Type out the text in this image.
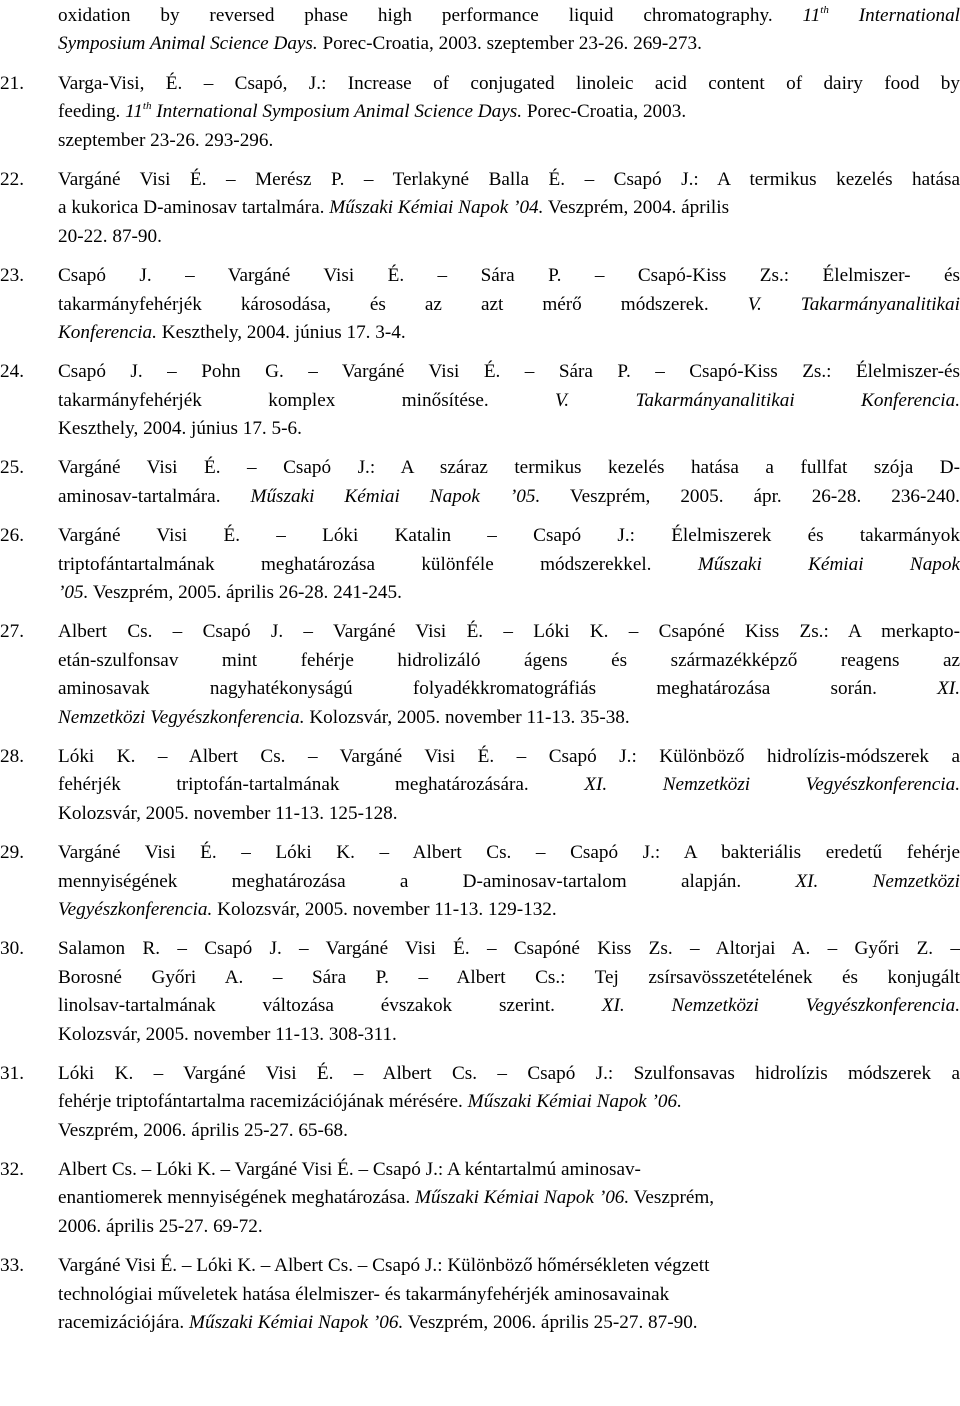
oxidation by reversed phase high performance liquid chromatography. 11th International
Symposium Animal Science Days. Porec-Croatia, 2003. szeptember 23-26. 269-273.
21. Varga-Visi, É. – Csapó, J.: Increase of conjugated linoleic acid content of dairy food by
feeding. 11th International Symposium Animal Science Days. Porec-Croatia, 2003.
szeptember 23-26. 293-296.
22. Vargáné Visi É. – Merész P. – Terlakyné Balla É. – Csapó J.: A termikus kezelés hatása
a kukorica D-aminosav tartalmára. Műszaki Kémiai Napok ’04. Veszprém, 2004. április
20-22. 87-90.
23. Csapó J. – Vargáné Visi É. – Sára P. – Csapó-Kiss Zs.: Élelmiszer- és
takarmányfehérjék károsodása, és az azt mérő módszerek. V. Takarmányanalitikai
Konferencia. Keszthely, 2004. június 17. 3-4.
24. Csapó J. – Pohn G. – Vargáné Visi É. – Sára P. – Csapó-Kiss Zs.: Élelmiszer-és
takarmányfehérjék komplex minősítése. V. Takarmányanalitikai Konferencia.
Keszthely, 2004. június 17. 5-6.
25. Vargáné Visi É. – Csapó J.: A száraz termikus kezelés hatása a fullfat szója D-
aminosav-tartalmára. Műszaki Kémiai Napok ’05. Veszprém, 2005. ápr. 26-28. 236-240.
26. Vargáné Visi É. – Lóki Katalin – Csapó J.: Élelmiszerek és takarmányok
triptofántartalmának meghatározása különféle módszerekkel. Műszaki Kémiai Napok
’05. Veszprém, 2005. április 26-28. 241-245.
27. Albert Cs. – Csapó J. – Vargáné Visi É. – Lóki K. – Csapóné Kiss Zs.: A merkapto-
etán-szulfonsav mint fehérje hidrolizáló ágens és származékképző reagens az
aminosavak nagyhatékonyságú folyadékkromatográfiás meghatározása során. XI.
Nemzetközi Vegyészkonferencia. Kolozsvár, 2005. november 11-13. 35-38.
28. Lóki K. – Albert Cs. – Vargáné Visi É. – Csapó J.: Különböző hidrolízis-módszerek a
fehérjék triptofán-tartalmának meghatározására. XI. Nemzetközi Vegyészkonferencia.
Kolozsvár, 2005. november 11-13. 125-128.
29. Vargáné Visi É. – Lóki K. – Albert Cs. – Csapó J.: A bakteriális eredetű fehérje
mennyiségének meghatározása a D-aminosav-tartalom alapján. XI. Nemzetközi
Vegyészkonferencia. Kolozsvár, 2005. november 11-13. 129-132.
30. Salamon R. – Csapó J. – Vargáné Visi É. – Csapóné Kiss Zs. – Altorjai A. – Győri Z. –
Borosné Győri A. – Sára P. – Albert Cs.: Tej zsírsavösszetételének és konjugált
linolsav-tartalmának változása évszakok szerint. XI. Nemzetközi Vegyészkonferencia.
Kolozsvár, 2005. november 11-13. 308-311.
31. Lóki K. – Vargáné Visi É. – Albert Cs. – Csapó J.: Szulfonsavas hidrolízis módszerek a
fehérje triptofántartalma racemizációjának mérésére. Műszaki Kémiai Napok ’06.
Veszprém, 2006. április 25-27. 65-68.
32. Albert Cs. – Lóki K. – Vargáné Visi É. – Csapó J.: A kéntartalmú aminosav-
enantiomerek mennyiségének meghatározása. Műszaki Kémiai Napok ’06. Veszprém,
2006. április 25-27. 69-72.
33. Vargáné Visi É. – Lóki K. – Albert Cs. – Csapó J.: Különböző hőmérsékleten végzett
technológiai műveletek hatása élelmiszer- és takarmányfehérjék aminosavainak
racemizációjára. Műszaki Kémiai Napok ’06. Veszprém, 2006. április 25-27. 87-90.
